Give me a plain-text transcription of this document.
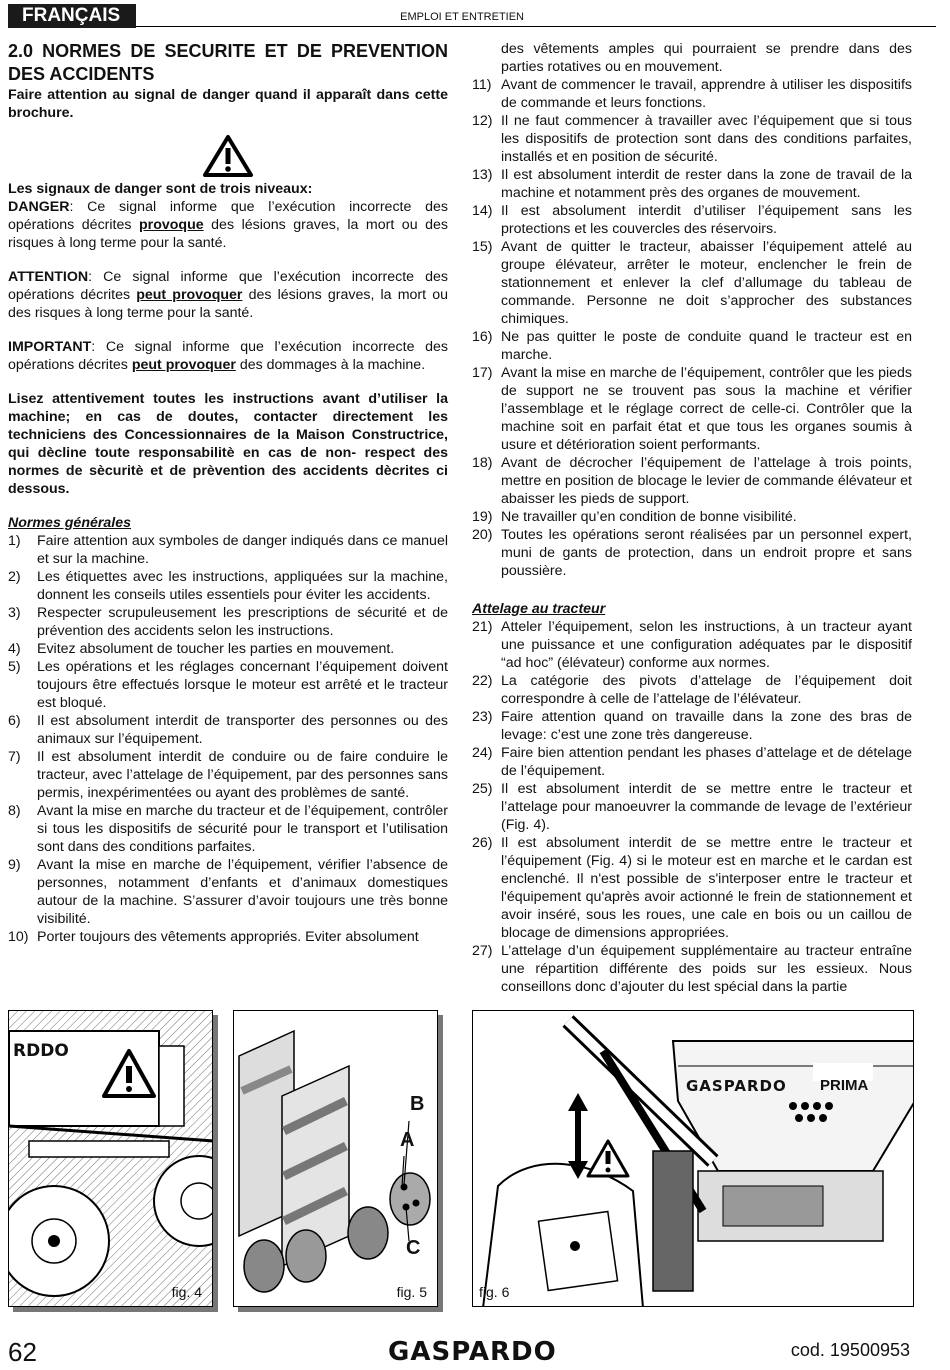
FRANÇAIS	EMPLOI ET ENTRETIEN

2.0 NORMES DE SECURITE ET DE PREVENTION DES ACCIDENTS

Faire attention au signal de danger quand il apparaît dans cette brochure.

Les signaux de danger sont de trois niveaux:

DANGER: Ce signal informe que l’exécution incorrecte des opérations décrites provoque des lésions graves, la mort ou des risques à long terme pour la santé.

ATTENTION: Ce signal informe que l’exécution incorrecte des opérations décrites peut provoquer des lésions graves, la mort ou des risques à long terme pour la santé.

IMPORTANT: Ce signal informe que l’exécution incorrecte des opérations décrites peut provoquer des dommages à la machine.

Lisez attentivement toutes les instructions avant d’utiliser la machine; en cas de doutes, contacter directement les techniciens des Concessionnaires de la Maison Constructrice, qui dècline toute responsabilitè en cas de non- respect des normes de sècuritè et de prèvention des accidents dècrites ci dessous.

Normes générales

1) Faire attention aux symboles de danger indiqués dans ce manuel et sur la machine.
2) Les étiquettes avec les instructions, appliquées sur la machine, donnent les conseils utiles essentiels pour éviter les accidents.
3) Respecter scrupuleusement les prescriptions de sécurité et de prévention des accidents selon les instructions.
4) Evitez absolument de toucher les parties en mouvement.
5) Les opérations et les réglages concernant l’équipement doivent toujours être effectués lorsque le moteur est arrêté et le tracteur est bloqué.
6) Il est absolument interdit de transporter des personnes ou des animaux sur l’équipement.
7) Il est absolument interdit de conduire ou de faire conduire le tracteur, avec l’attelage de l’équipement, par des personnes sans permis, inexpérimentées ou ayant des problèmes de santé.
8) Avant la mise en marche du tracteur et de l’équipement, contrôler si tous les dispositifs de sécurité pour le transport et l’utilisation sont dans des conditions parfaites.
9) Avant la mise en marche de l’équipement, vérifier l’absence de personnes, notamment d’enfants et d’animaux domestiques autour de la machine. S’assurer d’avoir toujours une très bonne visibilité.
10) Porter toujours des vêtements appropriés. Eviter absolument

des vêtements amples qui pourraient se prendre dans des parties rotatives ou en mouvement.

11) Avant de commencer le travail, apprendre à utiliser les dispositifs de commande et leurs fonctions.
12) Il ne faut commencer à travailler avec l’équipement que si tous les dispositifs de protection sont dans des conditions parfaites, installés et en position de sécurité.
13) Il est absolument interdit de rester dans la zone de travail de la machine et notamment près des organes de mouvement.
14) Il est absolument interdit d’utiliser l’équipement sans les protections et les couvercles des réservoirs.
15) Avant de quitter le tracteur, abaisser l’équipement attelé au groupe élévateur, arrêter le moteur, enclencher le frein de stationnement et enlever la clef d’allumage du tableau de commande. Personne ne doit s’approcher des substances chimiques.
16) Ne pas quitter le poste de conduite quand le tracteur est en marche.
17) Avant la mise en marche de l’équipement, contrôler que les pieds de support ne se trouvent pas sous la machine et vérifier l’assemblage et le réglage correct de celle-ci. Contrôler que la machine soit en parfait état et que tous les organes soumis à usure et détérioration soient performants.
18) Avant de décrocher l’équipement de l’attelage à trois points, mettre en position de blocage le levier de commande élévateur et abaisser les pieds de support.
19) Ne travailler qu’en condition de bonne visibilité.
20) Toutes les opérations seront réalisées par un personnel expert, muni de gants de protection, dans un endroit propre et sans poussière.

Attelage au tracteur

21) Atteler l’équipement, selon les instructions, à un tracteur ayant une puissance et une configuration adéquates par le dispositif “ad hoc” (élévateur) conforme aux normes.
22) La catégorie des pivots d’attelage de l’équipement doit correspondre à celle de l’attelage de l’élévateur.
23) Faire attention quand on travaille dans la zone des bras de levage: c’est une zone très dangereuse.
24) Faire bien attention pendant les phases d’attelage et de dételage de l’équipement.
25) Il est absolument interdit de se mettre entre le tracteur et l’attelage pour manoeuvrer la commande de levage de l’extérieur (Fig. 4).
26) Il est absolument interdit de se mettre entre le tracteur et l’équipement (Fig. 4) si le moteur est en marche et le cardan est enclenché. Il n'est possible de s'interposer entre le tracteur et l'équipement qu'après avoir actionné le frein de stationnement et avoir inséré, sous les roues, une cale en bois ou un caillou de blocage de dimensions appropriées.
27) L’attelage d’un équipement supplémentaire au tracteur entraîne une répartition différente des poids sur les essieux. Nous conseillons donc d’ajouter du lest spécial dans la partie
RDDO
fig. 4
B
A
C
fig. 5
GASPARDO PRIMA
fig. 6
62	GASPARDO	cod. 19500953
